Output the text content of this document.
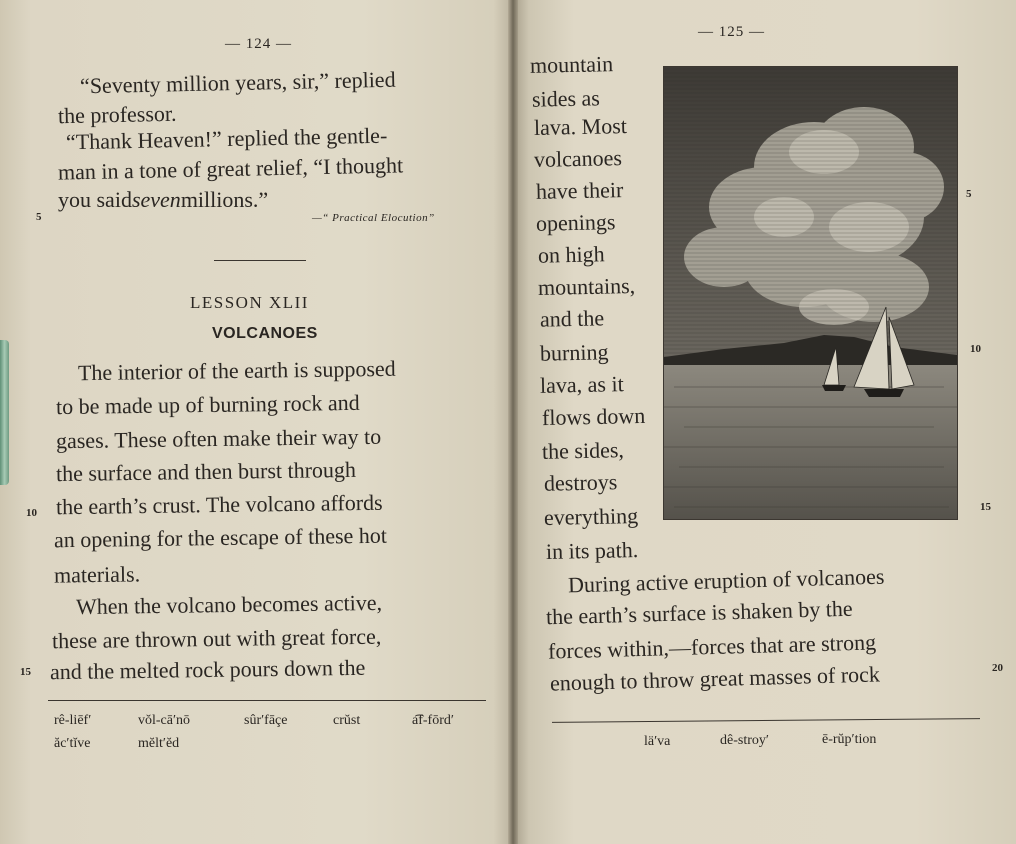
— 124 —
“Seventy million years, sir,” replied
the professor.
“Thank Heaven!” replied the gentle-
man in a tone of great relief, “I thought
you saidsevenmillions.”
—“ Practical Elocution”
5
LESSON XLII
VOLCANOES
The interior of the earth is supposed
to be made up of burning rock and
gases. These often make their way to
the surface and then burst through
the earth’s crust. The volcano affords
an opening for the escape of these hot
materials.
When the volcano becomes active,
these are thrown out with great force,
and the melted rock pours down the
10
15
rê-liēf′	vŏl-cā′nō	sûr′fāçe	crŭst	a͡f-fōrd′
ăc′tĭve	mĕlt′ĕd
— 125 —
mountain
sides as
lava. Most
volcanoes
have their
openings
on high
mountains,
and the
burning
lava, as it
flows down
the sides,
destroys
everything
in its path.
During active eruption of volcanoes
the earth’s surface is shaken by the
forces within,—forces that are strong
enough to throw great masses of rock
5
10
15
20
lä′va	dê-stroy′	ē-rŭp′tion
